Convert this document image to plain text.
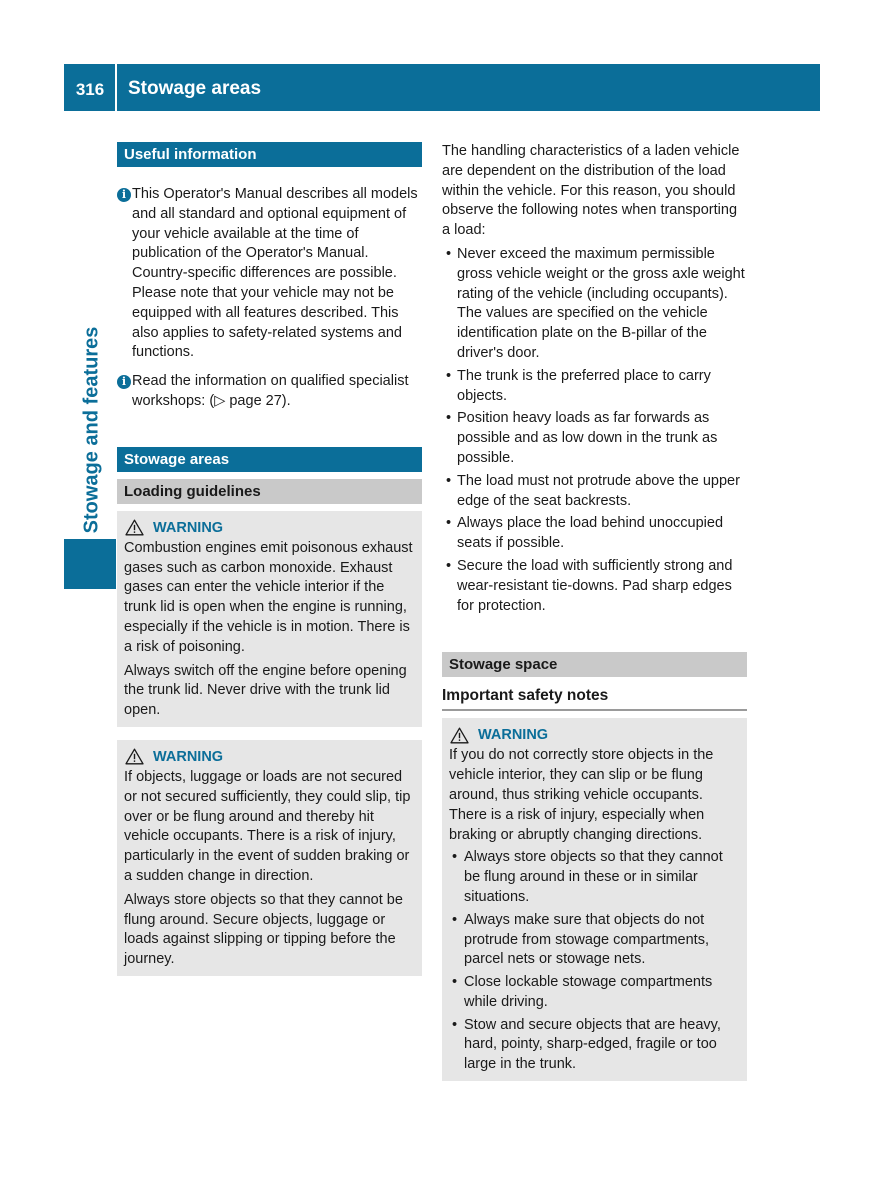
316	Stowage areas
Stowage and features
Useful information

i This Operator's Manual describes all models and all standard and optional equipment of your vehicle available at the time of publication of the Operator's Manual. Country-specific differences are possible. Please note that your vehicle may not be equipped with all features described. This also applies to safety-related systems and functions.

i Read the information on qualified specialist workshops: (▷ page 27).

Stowage areas
Loading guidelines
WARNING

Combustion engines emit poisonous exhaust gases such as carbon monoxide. Exhaust gases can enter the vehicle interior if the trunk lid is open when the engine is running, especially if the vehicle is in motion. There is a risk of poisoning.

Always switch off the engine before opening the trunk lid. Never drive with the trunk lid open.

WARNING

If objects, luggage or loads are not secured or not secured sufficiently, they could slip, tip over or be flung around and thereby hit vehicle occupants. There is a risk of injury, particularly in the event of sudden braking or a sudden change in direction.

Always store objects so that they cannot be flung around. Secure objects, luggage or loads against slipping or tipping before the journey.

The handling characteristics of a laden vehicle are dependent on the distribution of the load within the vehicle. For this reason, you should observe the following notes when transporting a load:

• Never exceed the maximum permissible gross vehicle weight or the gross axle weight rating of the vehicle (including occupants). The values are specified on the vehicle identification plate on the B-pillar of the driver's door.
• The trunk is the preferred place to carry objects.
• Position heavy loads as far forwards as possible and as low down in the trunk as possible.
• The load must not protrude above the upper edge of the seat backrests.
• Always place the load behind unoccupied seats if possible.
• Secure the load with sufficiently strong and wear-resistant tie-downs. Pad sharp edges for protection.
Stowage space
Important safety notes
WARNING

If you do not correctly store objects in the vehicle interior, they can slip or be flung around, thus striking vehicle occupants. There is a risk of injury, especially when braking or abruptly changing directions.

• Always store objects so that they cannot be flung around in these or in similar situations.
• Always make sure that objects do not protrude from stowage compartments, parcel nets or stowage nets.
• Close lockable stowage compartments while driving.
• Stow and secure objects that are heavy, hard, pointy, sharp-edged, fragile or too large in the trunk.
